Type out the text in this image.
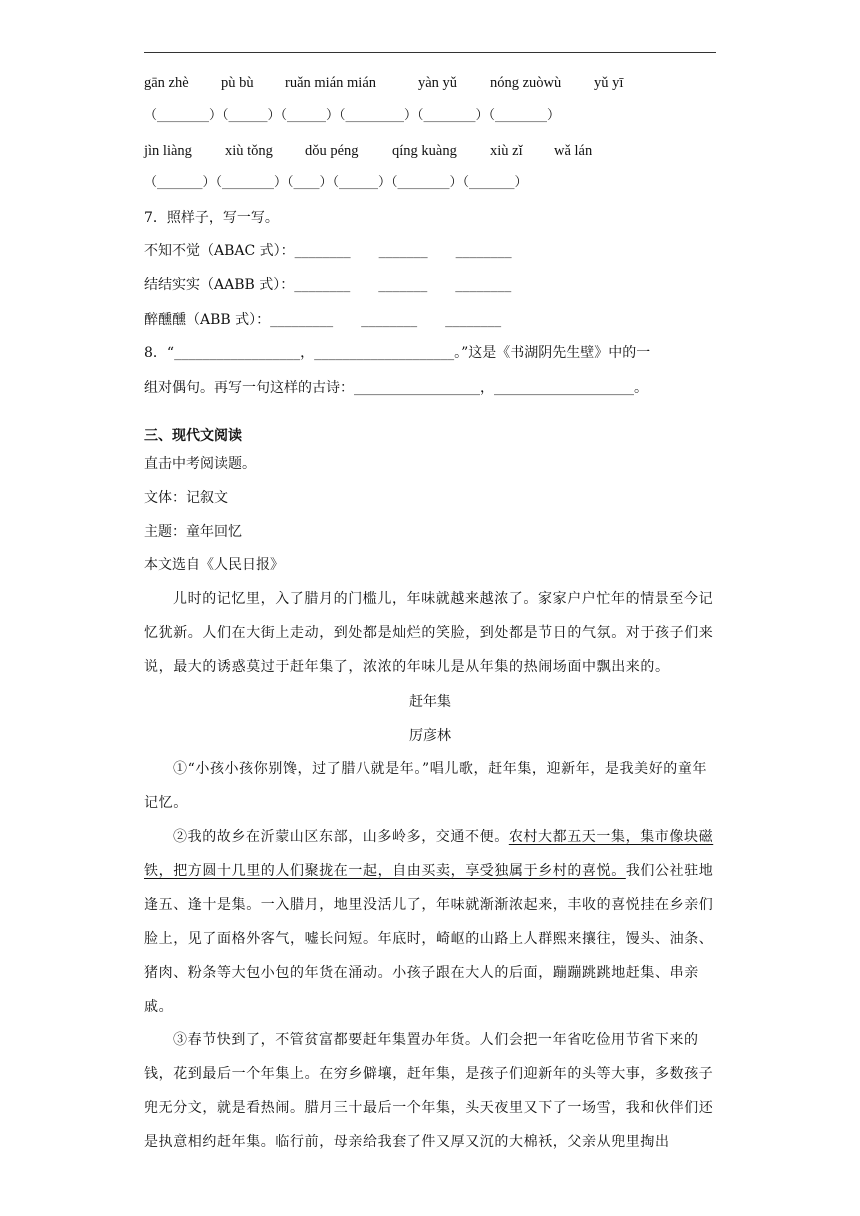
gān zhè pù bù ruǎn mián mián	yàn yǔ nóng zuòwù yǔ yī
（________）（______）（______）（_________）（________）（________）
jìn liàng xiù tǒng dǒu péng qíng kuàng xiù zǐ wǎ lán
（_______）（________）（____）（______）（________）（_______）
7．照样子，写一写。
不知不觉（ABAC 式）：________　　_______　　________
结结实实（AABB 式）：________　　_______　　________
醉醺醺（ABB 式）：_________　　________　　________
8．“__________________，____________________。”这是《书湖阴先生壁》中的一
组对偶句。再写一句这样的古诗：__________________，____________________。
三、现代文阅读
直击中考阅读题。
文体：记叙文
主题：童年回忆
本文选自《人民日报》
儿时的记忆里，入了腊月的门槛儿，年味就越来越浓了。家家户户忙年的情景至今记忆犹新。人们在大街上走动，到处都是灿烂的笑脸，到处都是节日的气氛。对于孩子们来说，最大的诱惑莫过于赶年集了，浓浓的年味儿是从年集的热闹场面中飘出来的。
赶年集
厉彦林
①“小孩小孩你别馋，过了腊八就是年。”唱儿歌，赶年集，迎新年，是我美好的童年记忆。
②我的故乡在沂蒙山区东部，山多岭多，交通不便。农村大都五天一集，集市像块磁铁，把方圆十几里的人们聚拢在一起，自由买卖，享受独属于乡村的喜悦。我们公社驻地逢五、逢十是集。一入腊月，地里没活儿了，年味就渐渐浓起来，丰收的喜悦挂在乡亲们脸上，见了面格外客气，嘘长问短。年底时，崎岖的山路上人群熙来攘往，馒头、油条、猪肉、粉条等大包小包的年货在涌动。小孩子跟在大人的后面，蹦蹦跳跳地赶集、串亲戚。
③春节快到了，不管贫富都要赶年集置办年货。人们会把一年省吃俭用节省下来的钱，花到最后一个年集上。在穷乡僻壤，赶年集，是孩子们迎新年的头等大事，多数孩子兜无分文，就是看热闹。腊月三十最后一个年集，头天夜里又下了一场雪，我和伙伴们还是执意相约赶年集。临行前，母亲给我套了件又厚又沉的大棉袄，父亲从兜里掏出
